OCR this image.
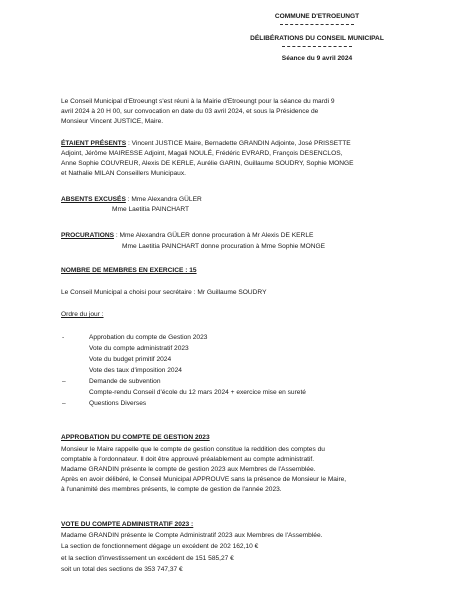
COMMUNE D'ETROEUNGT
DÉLIBÉRATIONS DU CONSEIL MUNICIPAL
Séance du 9 avril 2024
Le Conseil Municipal d'Etroeungt s'est réuni à la Mairie d'Etroeungt pour la séance du mardi 9
avril 2024 à 20 H 00, sur convocation en date du 03 avril 2024, et sous la Présidence de
Monsieur Vincent JUSTICE, Maire.
ÉTAIENT PRÉSENTS : Vincent JUSTICE Maire, Bernadette GRANDIN Adjointe, José PRISSETTE
Adjoint, Jérôme MAIRESSE Adjoint, Magali NOULÉ, Frédéric EVRARD, François DESENCLOS,
Anne Sophie COUVREUR, Alexis DE KERLE, Aurélie GARIN, Guillaume SOUDRY, Sophie MONGE
et Nathalie MILAN Conseillers Municipaux.
ABSENTS EXCUSÉS : Mme Alexandra GÜLER
Mme Laetitia PAINCHART
PROCURATIONS : Mme Alexandra GÜLER donne procuration à Mr Alexis DE KERLE
Mme Laetitia PAINCHART donne procuration à Mme Sophie MONGE
NOMBRE DE MEMBRES EN EXERCICE : 15
Le Conseil Municipal a choisi pour secrétaire : Mr Guillaume SOUDRY
Ordre du jour :
-	Approbation du compte de Gestion 2023
Vote du compte administratif 2023
Vote du budget primitif 2024
Vote des taux d'imposition 2024
–	Demande de subvention
Compte-rendu Conseil d'école du 12 mars 2024 + exercice mise en sureté
–	Questions Diverses
APPROBATION DU COMPTE DE GESTION 2023
Monsieur le Maire rappelle que le compte de gestion constitue la reddition des comptes du
comptable à l'ordonnateur. Il doit être approuvé préalablement au compte administratif.
Madame GRANDIN présente le compte de gestion 2023 aux Membres de l'Assemblée.
Après en avoir délibéré, le Conseil Municipal APPROUVE sans la présence de Monsieur le Maire,
à l'unanimité des membres présents, le compte de gestion de l'année 2023.
VOTE DU COMPTE ADMINISTRATIF 2023 :
Madame GRANDIN présente le Compte Administratif 2023 aux Membres de l'Assemblée.
La section de fonctionnement dégage un excédent de 202 162,10 €
et la section d'investissement un excédent de 151 585,27 €
soit un total des sections de 353 747,37 €
